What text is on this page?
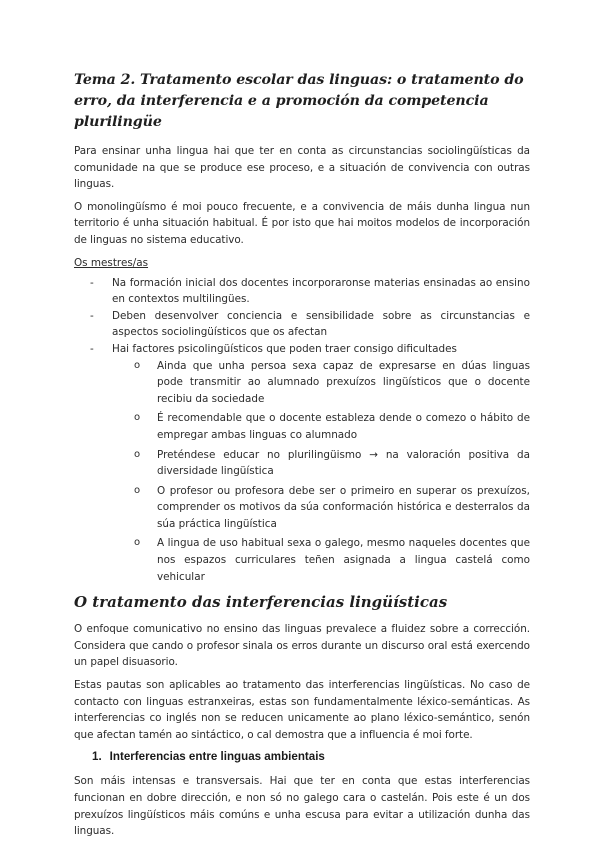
Tema 2. Tratamento escolar das linguas: o tratamento do erro, da interferencia e a promoción da competencia plurilingüe

Para ensinar unha lingua hai que ter en conta as circunstancias sociolingüísticas da comunidade na que se produce ese proceso, e a situación de convivencia con outras linguas.

O monolingüísmo é moi pouco frecuente, e a convivencia de máis dunha lingua nun territorio é unha situación habitual. É por isto que hai moitos modelos de incorporación de linguas no sistema educativo.

Os mestres/as
- Na formación inicial dos docentes incorporaronse materias ensinadas ao ensino en contextos multilingües.
- Deben desenvolver conciencia e sensibilidade sobre as circunstancias e aspectos sociolingüísticos que os afectan
- Hai factores psicolingüísticos que poden traer consigo dificultades
o Ainda que unha persoa sexa capaz de expresarse en dúas linguas pode transmitir ao alumnado prexuízos lingüísticos que o docente recibiu da sociedade
o É recomendable que o docente estableza dende o comezo o hábito de empregar ambas linguas co alumnado
o Preténdese educar no plurilingüismo → na valoración positiva da diversidade lingüística
o O profesor ou profesora debe ser o primeiro en superar os prexuízos, comprender os motivos da súa conformación histórica e desterralos da súa práctica lingüística
o A lingua de uso habitual sexa o galego, mesmo naqueles docentes que nos espazos curriculares teñen asignada a lingua castelá como vehicular
O tratamento das interferencias lingüísticas

O enfoque comunicativo no ensino das linguas prevalece a fluidez sobre a corrección. Considera que cando o profesor sinala os erros durante un discurso oral está exercendo un papel disuasorio.

Estas pautas son aplicables ao tratamento das interferencias lingüísticas. No caso de contacto con linguas estranxeiras, estas son fundamentalmente léxico-semánticas. As interferencias co inglés non se reducen unicamente ao plano léxico-semántico, senón que afectan tamén ao sintáctico, o cal demostra que a influencia é moi forte.

1. Interferencias entre linguas ambientais

Son máis intensas e transversais. Hai que ter en conta que estas interferencias funcionan en dobre dirección, e non só no galego cara o castelán. Pois este é un dos prexuízos lingüísticos máis comúns e unha escusa para evitar a utilización dunha das linguas.
